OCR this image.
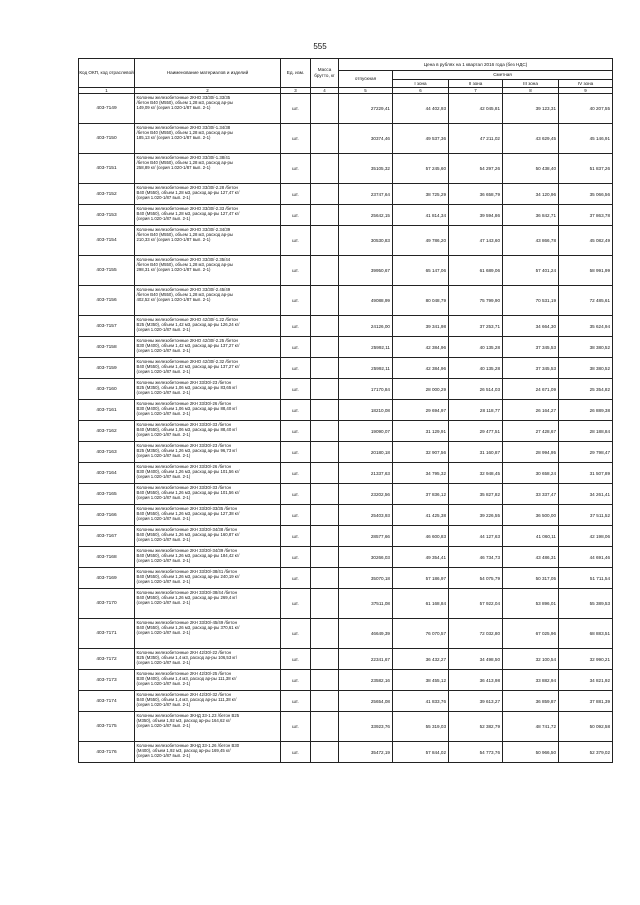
555
Код ОКП, код отраслевой	Наименование материалов и изделий	Ед. изм.	Масса брутто, кг	Цена в рублях на 1 квартал 2016 года (без НДС)				
				отпускная	Сметная			
					I зона	II зона	III зона	IV зона
1	2	3	4	5	6	7	8	9
403-7149	Колонны железобетонные 2КНО 33/30/-1.33/35
/бетон В40 (М550), объем 1,28 м3, расход ар-ры
149,09 кг/ (серия 1.020-1/87 вып. 2-1)	шт.		27229,41	44 402,93	42 045,81	39 123,31	40 207,55
403-7150	Колонны железобетонные 2КНО 33/30/-1.34/38
/бетон В40 (М550), объем 1,28 м3, расход ар-ры
185,13 кг/ (серия 1.020-1/87 вып. 2-1)	шт.		30374,46	49 537,36	47 211,02	43 629,45	45 146,91
403-7151	Колонны железобетонные 2КНО 33/30/-1.38/41
/бетон В40 (М550), объем 1,28 м3, расход ар-ры
258,89 кг/ (серия 1.020-1/87 вып. 2-1)	шт.		35105,32	57 245,60	54 297,26	50 438,40	51 837,26
403-7152	Колонны железобетонные 2КНО 33/30/-2.28 /бетон
В40 (М550), объем 1,28 м3, расход ар-ры 127,47 кг/
(серия 1.020-1/87 вып. 2-1)	шт.		23747,64	38 725,29	36 658,79	34 120,96	35 066,56
403-7153	Колонны железобетонные 2КНО 33/30/-2.33 /бетон
В40 (М550), объем 1,28 м3, расход ар-ры 127,47 кг/
(серия 1.020-1/87 вып. 2-1)	шт.		25642,15	41 814,34	39 594,86	36 842,71	37 863,78
403-7154	Колонны железобетонные 2КНО 33/30/-2.34/39
/бетон В40 (М550), объем 1,28 м3, расход ар-ры
210,33 кг/ (серия 1.020-1/87 вып. 2-1)	шт.		30530,83	49 786,20	47 143,60	43 866,78	45 082,49
403-7155	Колонны железобетонные 2КНО 33/30/-2.35/44
/бетон В40 (М550), объем 1,28 м3, расход ар-ры
298,31 кг/ (серия 1.020-1/87 вып. 2-1)	шт.		39950,67	65 147,06	61 689,06	57 401,24	58 991,99
403-7156	Колонны железобетонные 2КНО 33/30/-2.45/49
/бетон В40 (М550), объем 1,28 м3, расход ар-ры
402,52 кг/ (серия 1.020-1/87 вып. 2-1)	шт.		49088,99	80 048,79	75 799,90	70 531,19	72 485,61
403-7157	Колонны железобетонные 2КНО 42/30/-1.22 /бетон
В25 (М350), объем 1,42 м3, расход ар-ры 126,24 кг/
(серия 1.020-1/87 вып. 2-1)	шт.		24126,00	39 341,98	37 253,71	34 664,30	35 624,94
403-7158	Колонны железобетонные 2КНО 42/30/-2.25 /бетон
В30 (М400), объем 1,42 м3, расход ар-ры 137,27 кг/
(серия 1.020-1/87 вып. 2-1)	шт.		25992,11	42 384,96	40 135,28	37 345,53	38 380,52
403-7159	Колонны железобетонные 2КНО 42/30/-2.32 /бетон
В40 (М550), объем 1,42 м3, расход ар-ры 137,27 кг/
(серия 1.020-1/87 вып. 2-1)	шт.		25992,11	42 384,96	40 135,28	37 345,53	38 380,52
403-7160	Колонны железобетонные 2КН 33/30/-23 /бетон
В25 (М350), объем 1,06 м3, расход ар-ры 83,65 кг/
(серия 1.020-1/87 вып. 2-1)	шт.		17170,84	28 000,29	26 514,03	24 671,09	25 354,82
403-7161	Колонны железобетонные 2КН 33/30/-26 /бетон
В30 (М400), объем 1,06 м3, расход ар-ры 88,40 кг/
(серия 1.020-1/87 вып. 2-1)	шт.		18210,08	29 694,97	28 118,77	26 164,27	26 889,38
403-7162	Колонны железобетонные 2КН 33/30/-33 /бетон
В40 (М550), объем 1,06 м3, расход ар-ры 88,40 кг/
(серия 1.020-1/87 вып. 2-1)	шт.		19090,07	31 129,91	29 477,51	27 428,67	28 188,84
403-7163	Колонны железобетонные 2КН 33/30/-23 /бетон
В25 (М350), объем 1,26 м3, расход ар-ры 96,73 кг/
(серия 1.020-1/87 вып. 2-1)	шт.		20180,18	32 907,56	31 160,87	28 994,95	29 798,47
403-7164	Колонны железобетонные 2КН 33/30/-26 /бетон
В30 (М400), объем 1,26 м3, расход ар-ры 101,56 кг/
(серия 1.020-1/87 вып. 2-1)	шт.		21337,63	34 795,32	32 948,45	30 658,24	31 507,89
403-7165	Колонны железобетонные 2КН 33/30/-33 /бетон
В40 (М550), объем 1,26 м3, расход ар-ры 101,56 кг/
(серия 1.020-1/87 вып. 2-1)	шт.		23202,56	37 836,12	35 827,82	33 337,47	34 261,41
403-7166	Колонны железобетонные 2КН 33/30/-33/35 /бетон
В40 (М550), объем 1,26 м3, расход ар-ры 127,38 кг/
(серия 1.020-1/87 вып. 2-1)	шт.		25403,93	41 425,38	39 226,55	36 500,00	37 511,52
403-7167	Колонны железобетонные 2КН 33/30/-34/38 /бетон
В40 (М550), объем 1,26 м3, расход ар-ры 160,87 кг/
(серия 1.020-1/87 вып. 2-1)	шт.		28577,66	46 600,83	44 127,63	41 060,11	42 198,06
403-7168	Колонны железобетонные 2КН 33/30/-34/39 /бетон
В40 (М550), объем 1,26 м3, расход ар-ры 184,42 кг/
(серия 1.020-1/87 вып. 2-1)	шт.		30266,03	49 354,41	46 734,73	43 486,31	44 691,46
403-7169	Колонны железобетонные 2КН 33/30/-38/41 /бетон
В40 (М550), объем 1,26 м3, расход ар-ры 240,19 кг/
(серия 1.020-1/87 вып. 2-1)	шт.		35070,18	57 186,97	54 075,79	50 317,05	51 711,54
403-7170	Колонны железобетонные 2КН 33/30/-38/44 /бетон
В40 (М550), объем 1,26 м3, расход ар-ры 269,4 кг/
(серия 1.020-1/87 вып. 2-1)	шт.		37511,08	61 168,84	57 922,04	53 896,01	55 389,53
403-7171	Колонны железобетонные 2КН 33/30/-45/49 /бетон
В40 (М550), объем 1,26 м3, расход ар-ры 370,61 кг/
(серия 1.020-1/87 вып. 2-1)	шт.		46649,39	76 070,57	72 032,80	67 025,96	68 883,51
403-7172	Колонны железобетонные 2КН 42/30/-22 /бетон
В25 (М350), объем 1,4 м3, расход ар-ры 106,53 кг/
(серия 1.020-1/87 вып. 2-1)	шт.		22341,67	36 432,27	34 498,50	32 100,54	32 990,21
403-7173	Колонны железобетонные 2КН 42/30/-25 /бетон
В30 (М400), объем 1,4 м3, расход ар-ры 111,38 кг/
(серия 1.020-1/87 вып. 2-1)	шт.		23582,16	38 455,12	36 413,98	33 882,94	34 821,92
403-7174	Колонны железобетонные 2КН 42/30/-32 /бетон
В40 (М550), объем 1,4 м3, расход ар-ры 111,38 кг/
(серия 1.020-1/87 вып. 2-1)	шт.		25654,08	41 833,76	39 613,27	36 859,87	37 881,39
403-7175	Колонны железобетонные 3КНД 33-1.23 /бетон В25
(М350), объем 1,92 м3, расход ар-ры 164,62 кг/
(серия 1.020-1/87 вып. 2-1)	шт.		33923,76	55 319,03	52 382,79	48 741,72	50 092,58
403-7176	Колонны железобетонные 3КНД 33-1.26 /бетон В30
(М400), объем 1,92 м3, расход ар-ры 169,45 кг/
(серия 1.020-1/87 вып. 2-1)	шт.		35472,19	57 844,02	54 773,76	50 966,50	52 379,02
